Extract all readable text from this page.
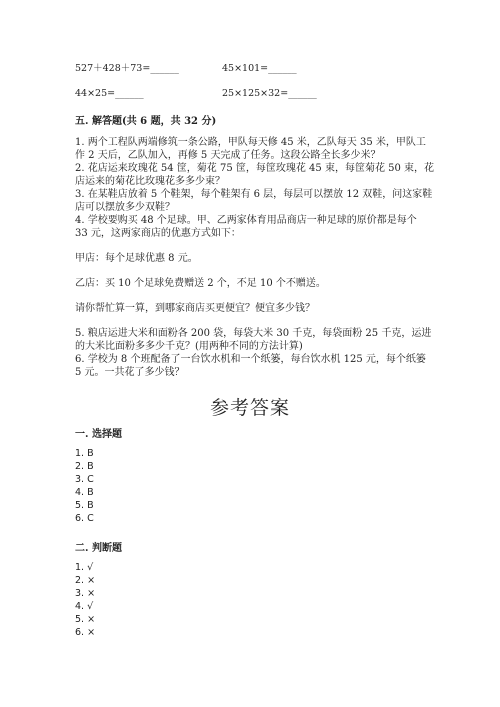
527＋428＋73=______	45×101=______
44×25=______	25×125×32=______
五. 解答题(共 6 题，共 32 分)
1. 两个工程队两端修筑一条公路，甲队每天修 45 米，乙队每天 35 米，甲队工
作 2 天后，乙队加入，再修 5 天完成了任务。这段公路全长多少米？
2. 花店运来玫瑰花 54 筐，菊花 75 筐，每筐玫瑰花 45 束，每筐菊花 50 束，花
店运来的菊花比玫瑰花多多少束？
3. 在某鞋店放着 5 个鞋架，每个鞋架有 6 层，每层可以摆放 12 双鞋，问这家鞋
店可以摆放多少双鞋？
4. 学校要购买 48 个足球。甲、乙两家体育用品商店一种足球的原价都是每个
33 元，这两家商店的优惠方式如下：
甲店：每个足球优惠 8 元。
乙店：买 10 个足球免费赠送 2 个，不足 10 个不赠送。
请你帮忙算一算，到哪家商店买更便宜？便宜多少钱？
5. 粮店运进大米和面粉各 200 袋，每袋大米 30 千克，每袋面粉 25 千克，运进
的大米比面粉多多少千克？(用两种不同的方法计算)
6. 学校为 8 个班配备了一台饮水机和一个纸篓，每台饮水机 125 元，每个纸篓
5 元。一共花了多少钱？
参考答案
一. 选择题
1. B
2. B
3. C
4. B
5. B
6. C
二. 判断题
1. √
2. ×
3. ×
4. √
5. ×
6. ×
